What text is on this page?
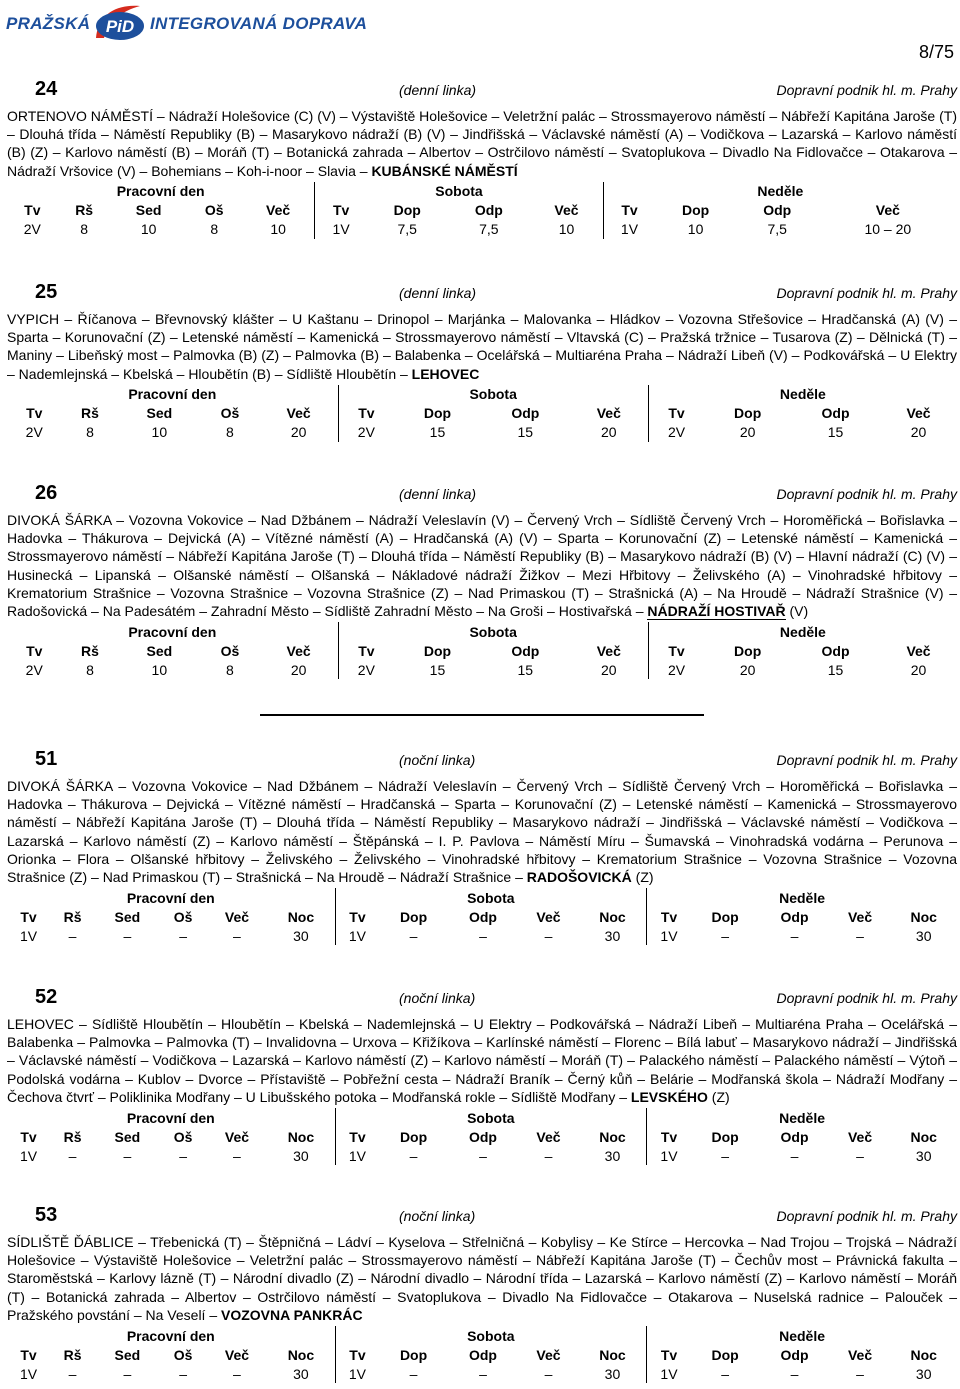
PRAŽSKÁ PiD INTEGROVANÁ DOPRAVA
8/75
24	(denní linka)	Dopravní podnik hl. m. Prahy
ORTENOVO NÁMĚSTÍ – Nádraží Holešovice (C) (V) – Výstaviště Holešovice – Veletržní palác – Strossmayerovo náměstí – Nábřeží Kapitána Jaroše (T) – Dlouhá třída – Náměstí Republiky (B) – Masarykovo nádraží (B) (V) – Jindřišská – Václavské náměstí (A) – Vodičkova – Lazarská – Karlovo náměstí (B) (Z) – Karlovo náměstí (B) – Moráň (T) – Botanická zahrada – Albertov – Ostrčilovo náměstí – Svatoplukova – Divadlo Na Fidlovačce – Otakarova – Nádraží Vršovice (V) – Bohemians – Koh-i-noor – Slavia – KUBÁNSKÉ NÁMĚSTÍ
Pracovní den					Sobota				Neděle			
Tv	Rš	Sed	Oš	Več	Tv	Dop	Odp	Več	Tv	Dop	Odp	Več
2V	8	10	8	10	1V	7,5	7,5	10	1V	10	7,5	10 – 20
25	(denní linka)	Dopravní podnik hl. m. Prahy
VYPICH – Říčanova – Břevnovský klášter – U Kaštanu – Drinopol – Marjánka – Malovanka – Hládkov – Vozovna Střešovice – Hradčanská (A) (V) – Sparta – Korunovační (Z) – Letenské náměstí – Kamenická – Strossmayerovo náměstí – Vltavská (C) – Pražská tržnice – Tusarova (Z) – Dělnická (T) – Maniny – Libeňský most – Palmovka (B) (Z) – Palmovka (B) – Balabenka – Ocelářská – Multiaréna Praha – Nádraží Libeň (V) – Podkovářská – U Elektry – Nademlejnská – Kbelská – Hloubětín (B) – Sídliště Hloubětín – LEHOVEC
Pracovní den					Sobota				Neděle			
Tv	Rš	Sed	Oš	Več	Tv	Dop	Odp	Več	Tv	Dop	Odp	Več
2V	8	10	8	20	2V	15	15	20	2V	20	15	20
26	(denní linka)	Dopravní podnik hl. m. Prahy
DIVOKÁ ŠÁRKA – Vozovna Vokovice – Nad Džbánem – Nádraží Veleslavín (V) – Červený Vrch – Sídliště Červený Vrch – Horoměřická – Bořislavka – Hadovka – Thákurova – Dejvická (A) – Vítězné náměstí (A) – Hradčanská (A) (V) – Sparta – Korunovační (Z) – Letenské náměstí – Kamenická – Strossmayerovo náměstí – Nábřeží Kapitána Jaroše (T) – Dlouhá třída – Náměstí Republiky (B) – Masarykovo nádraží (B) (V) – Hlavní nádraží (C) (V) – Husinecká – Lipanská – Olšanské náměstí – Olšanská – Nákladové nádraží Žižkov – Mezi Hřbitovy – Želivského (A) – Vinohradské hřbitovy – Krematorium Strašnice – Vozovna Strašnice – Vozovna Strašnice (Z) – Nad Primaskou (T) – Strašnická (A) – Na Hroudě – Nádraží Strašnice (V) – Radošovická – Na Padesátém – Zahradní Město – Sídliště Zahradní Město – Na Groši – Hostivařská – NÁDRAŽÍ HOSTIVAŘ (V)
Pracovní den					Sobota				Neděle			
Tv	Rš	Sed	Oš	Več	Tv	Dop	Odp	Več	Tv	Dop	Odp	Več
2V	8	10	8	20	2V	15	15	20	2V	20	15	20
51	(noční linka)	Dopravní podnik hl. m. Prahy
DIVOKÁ ŠÁRKA – Vozovna Vokovice – Nad Džbánem – Nádraží Veleslavín – Červený Vrch – Sídliště Červený Vrch – Horoměřická – Bořislavka – Hadovka – Thákurova – Dejvická – Vítězné náměstí – Hradčanská – Sparta – Korunovační (Z) – Letenské náměstí – Kamenická – Strossmayerovo náměstí – Nábřeží Kapitána Jaroše (T) – Dlouhá třída – Náměstí Republiky – Masarykovo nádraží – Jindřišská – Václavské náměstí – Vodičkova – Lazarská – Karlovo náměstí (Z) – Karlovo náměstí – Štěpánská – I. P. Pavlova – Náměstí Míru – Šumavská – Vinohradská vodárna – Perunova – Orionka – Flora – Olšanské hřbitovy – Želivského – Želivského – Vinohradské hřbitovy – Krematorium Strašnice – Vozovna Strašnice – Vozovna Strašnice (Z) – Nad Primaskou (T) – Strašnická – Na Hroudě – Nádraží Strašnice – RADOŠOVICKÁ (Z)
Pracovní den						Sobota					Neděle				
Tv	Rš	Sed	Oš	Več	Noc	Tv	Dop	Odp	Več	Noc	Tv	Dop	Odp	Več	Noc
1V	–	–	–	–	30	1V	–	–	–	30	1V	–	–	–	30
52	(noční linka)	Dopravní podnik hl. m. Prahy
LEHOVEC – Sídliště Hloubětín – Hloubětín – Kbelská – Nademlejnská – U Elektry – Podkovářská – Nádraží Libeň – Multiaréna Praha – Ocelářská – Balabenka – Palmovka – Palmovka (T) – Invalidovna – Urxova – Křižíkova – Karlínské náměstí – Florenc – Bílá labuť – Masarykovo nádraží – Jindřišská – Václavské náměstí – Vodičkova – Lazarská – Karlovo náměstí (Z) – Karlovo náměstí – Moráň (T) – Palackého náměstí – Palackého náměstí – Výtoň – Podolská vodárna – Kublov – Dvorce – Přístaviště – Pobřežní cesta – Nádraží Braník – Černý kůň – Belárie – Modřanská škola – Nádraží Modřany – Čechova čtvrť – Poliklinika Modřany – U Libušského potoka – Modřanská rokle – Sídliště Modřany – LEVSKÉHO (Z)
Pracovní den						Sobota					Neděle				
Tv	Rš	Sed	Oš	Več	Noc	Tv	Dop	Odp	Več	Noc	Tv	Dop	Odp	Več	Noc
1V	–	–	–	–	30	1V	–	–	–	30	1V	–	–	–	30
53	(noční linka)	Dopravní podnik hl. m. Prahy
SÍDLIŠTĚ ĎÁBLICE – Třebenická (T) – Štěpničná – Ládví – Kyselova – Střelničná – Kobylisy – Ke Stírce – Hercovka – Nad Trojou – Trojská – Nádraží Holešovice – Výstaviště Holešovice – Veletržní palác – Strossmayerovo náměstí – Nábřeží Kapitána Jaroše (T) – Čechův most – Právnická fakulta – Staroměstská – Karlovy lázně (T) – Národní divadlo (Z) – Národní divadlo – Národní třída – Lazarská – Karlovo náměstí (Z) – Karlovo náměstí – Moráň (T) – Botanická zahrada – Albertov – Ostrčilovo náměstí – Svatoplukova – Divadlo Na Fidlovačce – Otakarova – Nuselská radnice – Palouček – Pražského povstání – Na Veselí – VOZOVNA PANKRÁC
Pracovní den						Sobota					Neděle				
Tv	Rš	Sed	Oš	Več	Noc	Tv	Dop	Odp	Več	Noc	Tv	Dop	Odp	Več	Noc
1V	–	–	–	–	30	1V	–	–	–	30	1V	–	–	–	30
